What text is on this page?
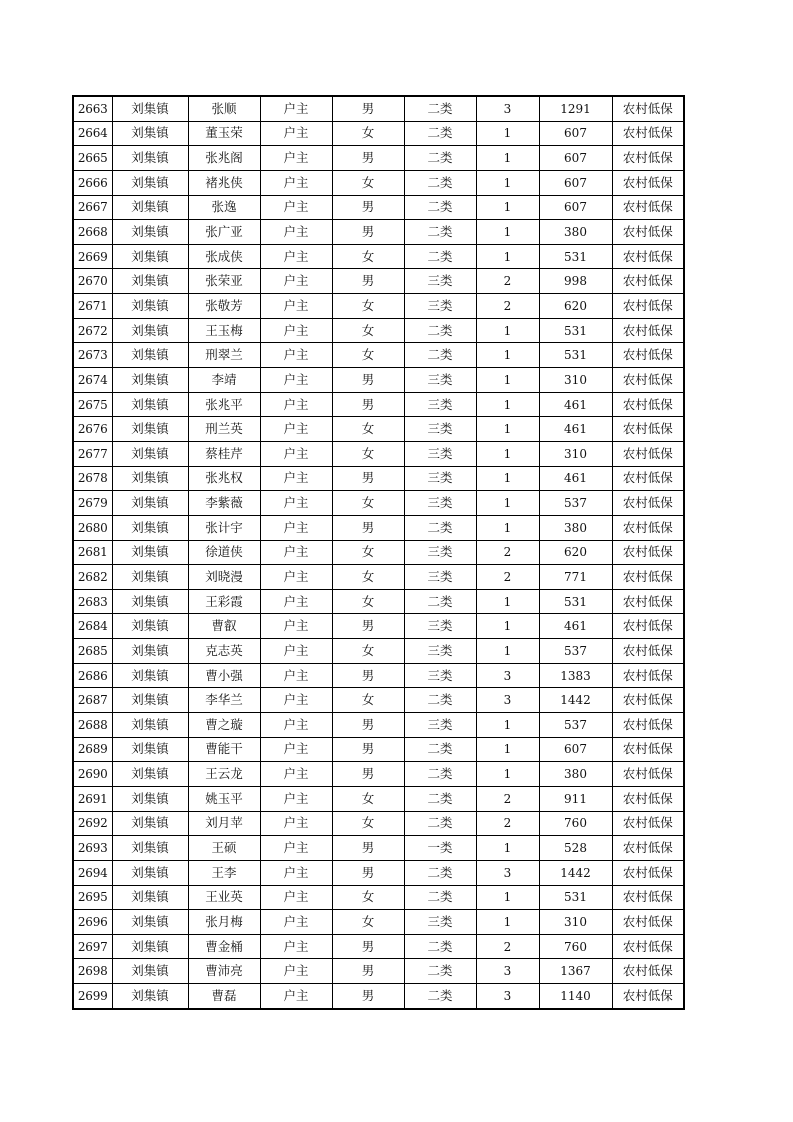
2663	刘集镇	张顺	户主	男	二类	3	1291	农村低保
2664	刘集镇	董玉荣	户主	女	二类	1	607	农村低保
2665	刘集镇	张兆阁	户主	男	二类	1	607	农村低保
2666	刘集镇	褚兆侠	户主	女	二类	1	607	农村低保
2667	刘集镇	张逸	户主	男	二类	1	607	农村低保
2668	刘集镇	张广亚	户主	男	二类	1	380	农村低保
2669	刘集镇	张成侠	户主	女	二类	1	531	农村低保
2670	刘集镇	张荣亚	户主	男	三类	2	998	农村低保
2671	刘集镇	张敬芳	户主	女	三类	2	620	农村低保
2672	刘集镇	王玉梅	户主	女	二类	1	531	农村低保
2673	刘集镇	刑翠兰	户主	女	二类	1	531	农村低保
2674	刘集镇	李靖	户主	男	三类	1	310	农村低保
2675	刘集镇	张兆平	户主	男	三类	1	461	农村低保
2676	刘集镇	刑兰英	户主	女	三类	1	461	农村低保
2677	刘集镇	蔡桂芹	户主	女	三类	1	310	农村低保
2678	刘集镇	张兆权	户主	男	三类	1	461	农村低保
2679	刘集镇	李紫薇	户主	女	三类	1	537	农村低保
2680	刘集镇	张计宇	户主	男	二类	1	380	农村低保
2681	刘集镇	徐道侠	户主	女	三类	2	620	农村低保
2682	刘集镇	刘晓漫	户主	女	三类	2	771	农村低保
2683	刘集镇	王彩霞	户主	女	二类	1	531	农村低保
2684	刘集镇	曹叡	户主	男	三类	1	461	农村低保
2685	刘集镇	克志英	户主	女	三类	1	537	农村低保
2686	刘集镇	曹小强	户主	男	三类	3	1383	农村低保
2687	刘集镇	李华兰	户主	女	二类	3	1442	农村低保
2688	刘集镇	曹之璇	户主	男	三类	1	537	农村低保
2689	刘集镇	曹能干	户主	男	二类	1	607	农村低保
2690	刘集镇	王云龙	户主	男	二类	1	380	农村低保
2691	刘集镇	姚玉平	户主	女	二类	2	911	农村低保
2692	刘集镇	刘月苹	户主	女	二类	2	760	农村低保
2693	刘集镇	王硕	户主	男	一类	1	528	农村低保
2694	刘集镇	王李	户主	男	二类	3	1442	农村低保
2695	刘集镇	王业英	户主	女	二类	1	531	农村低保
2696	刘集镇	张月梅	户主	女	三类	1	310	农村低保
2697	刘集镇	曹金桶	户主	男	二类	2	760	农村低保
2698	刘集镇	曹沛亮	户主	男	二类	3	1367	农村低保
2699	刘集镇	曹磊	户主	男	二类	3	1140	农村低保
